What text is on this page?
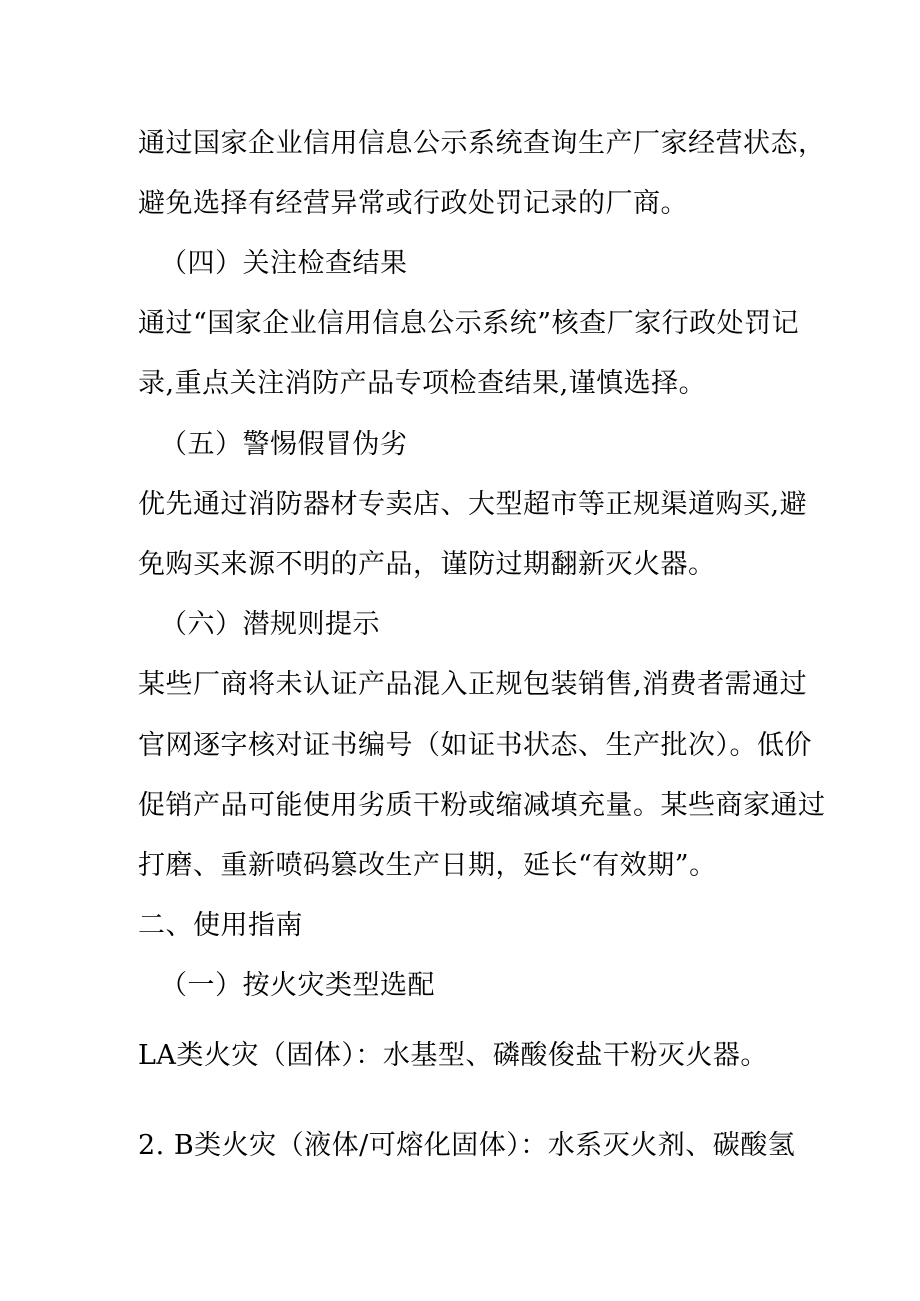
通过国家企业信用信息公示系统查询生产厂家经营状态，
避免选择有经营异常或行政处罚记录的厂商。
（四）关注检查结果
通过“国家企业信用信息公示系统”核查厂家行政处罚记
录,重点关注消防产品专项检查结果,谨慎选择。
（五）警惕假冒伪劣
优先通过消防器材专卖店、大型超市等正规渠道购买,避
免购买来源不明的产品，谨防过期翻新灭火器。
（六）潜规则提示
某些厂商将未认证产品混入正规包装销售,消费者需通过
官网逐字核对证书编号（如证书状态、生产批次）。低价
促销产品可能使用劣质干粉或缩减填充量。某些商家通过
打磨、重新喷码篡改生产日期，延长“有效期”。
二、使用指南
（一）按火灾类型选配
LA类火灾（固体）：水基型、磷酸俊盐干粉灭火器。
2. B类火灾（液体/可熔化固体）：水系灭火剂、碳酸氢
